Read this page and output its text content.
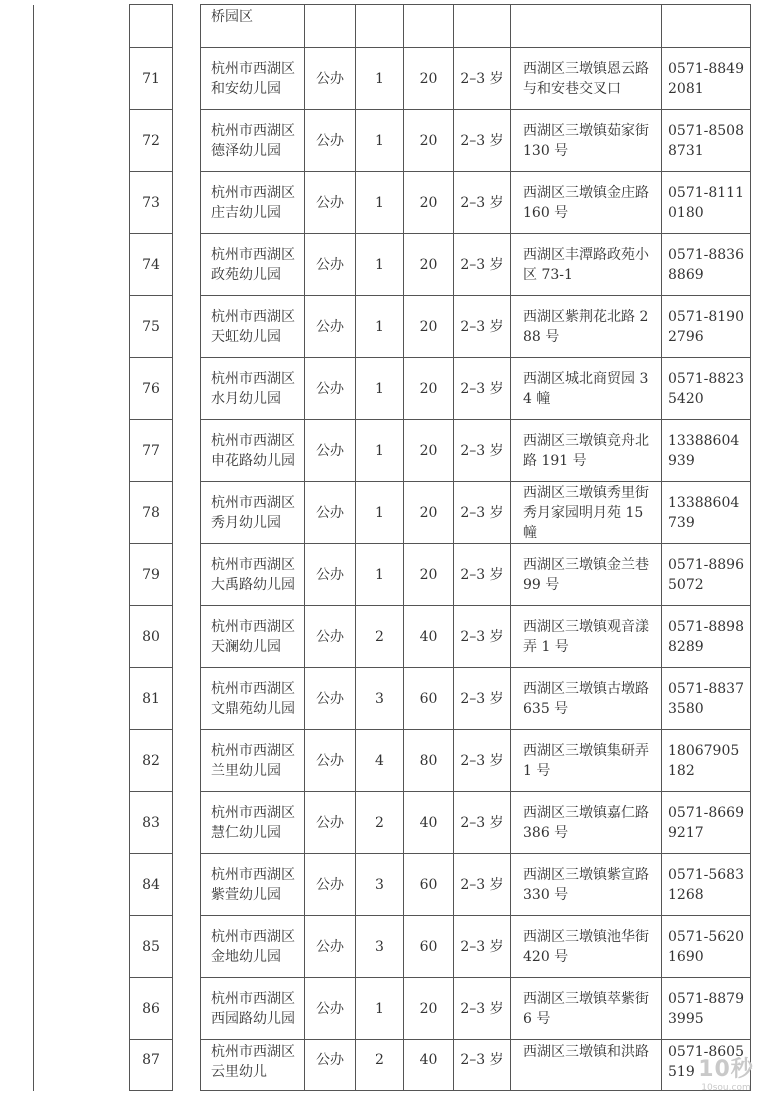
			桥园区						
	71		杭州市西湖区和安幼儿园	公办	1	20	2–3 岁	西湖区三墩镇恩云路与和安巷交叉口	0571-88492081
	72		杭州市西湖区德泽幼儿园	公办	1	20	2–3 岁	西湖区三墩镇茹家街 130 号	0571-85088731
	73		杭州市西湖区庄吉幼儿园	公办	1	20	2–3 岁	西湖区三墩镇金庄路 160 号	0571-81110180
	74		杭州市西湖区政苑幼儿园	公办	1	20	2–3 岁	西湖区丰潭路政苑小区 73-1	0571-88368869
	75		杭州市西湖区天虹幼儿园	公办	1	20	2–3 岁	西湖区紫荆花北路 288 号	0571-81902796
	76		杭州市西湖区水月幼儿园	公办	1	20	2–3 岁	西湖区城北商贸园 34 幢	0571-88235420
	77		杭州市西湖区申花路幼儿园	公办	1	20	2–3 岁	西湖区三墩镇竞舟北路 191 号	13388604939
	78		杭州市西湖区秀月幼儿园	公办	1	20	2–3 岁	西湖区三墩镇秀里街秀月家园明月苑 15 幢	13388604739
	79		杭州市西湖区大禹路幼儿园	公办	1	20	2–3 岁	西湖区三墩镇金兰巷 99 号	0571-88965072
	80		杭州市西湖区天澜幼儿园	公办	2	40	2–3 岁	西湖区三墩镇观音漾弄 1 号	0571-88988289
	81		杭州市西湖区文鼎苑幼儿园	公办	3	60	2–3 岁	西湖区三墩镇古墩路 635 号	0571-88373580
	82		杭州市西湖区兰里幼儿园	公办	4	80	2–3 岁	西湖区三墩镇集研弄 1 号	18067905182
	83		杭州市西湖区慧仁幼儿园	公办	2	40	2–3 岁	西湖区三墩镇嘉仁路 386 号	0571-86699217
	84		杭州市西湖区紫萱幼儿园	公办	3	60	2–3 岁	西湖区三墩镇紫宣路 330 号	0571-56831268
	85		杭州市西湖区金地幼儿园	公办	3	60	2–3 岁	西湖区三墩镇池华街 420 号	0571-56201690
	86		杭州市西湖区西园路幼儿园	公办	1	20	2–3 岁	西湖区三墩镇萃紫街 6 号	0571-88793995
	87		杭州市西湖区云里幼儿	公办	2	40	2–3 岁	西湖区三墩镇和洪路	0571-8605519 10秒
10sou.com
